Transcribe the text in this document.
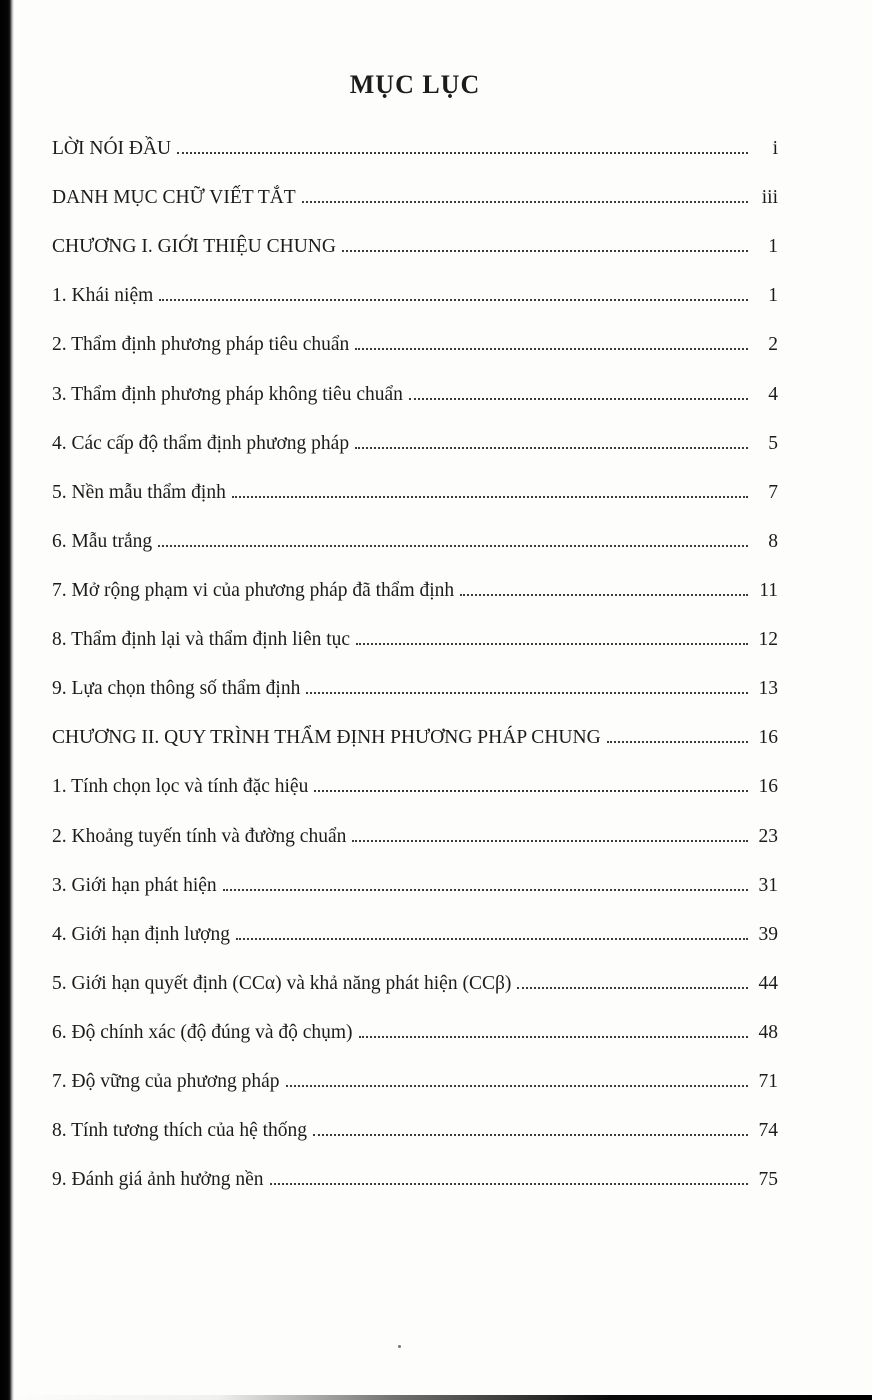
MỤC LỤC
LỜI NÓI ĐẦU	i
DANH MỤC CHỮ VIẾT TẮT	iii
CHƯƠNG I. GIỚI THIỆU CHUNG	1
1. Khái niệm	1
2. Thẩm định phương pháp tiêu chuẩn	2
3. Thẩm định phương pháp không tiêu chuẩn	4
4. Các cấp độ thẩm định phương pháp	5
5. Nền mẫu thẩm định	7
6. Mẫu trắng	8
7. Mở rộng phạm vi của phương pháp đã thẩm định	11
8. Thẩm định lại và thẩm định liên tục	12
9. Lựa chọn thông số thẩm định	13
CHƯƠNG II. QUY TRÌNH THẨM ĐỊNH PHƯƠNG PHÁP CHUNG	16
1. Tính chọn lọc và tính đặc hiệu	16
2. Khoảng tuyến tính và đường chuẩn	23
3. Giới hạn phát hiện	31
4. Giới hạn định lượng	39
5. Giới hạn quyết định (CCα) và khả năng phát hiện (CCβ)	44
6. Độ chính xác (độ đúng và độ chụm)	48
7. Độ vững của phương pháp	71
8. Tính tương thích của hệ thống	74
9. Đánh giá ảnh hưởng nền	75
